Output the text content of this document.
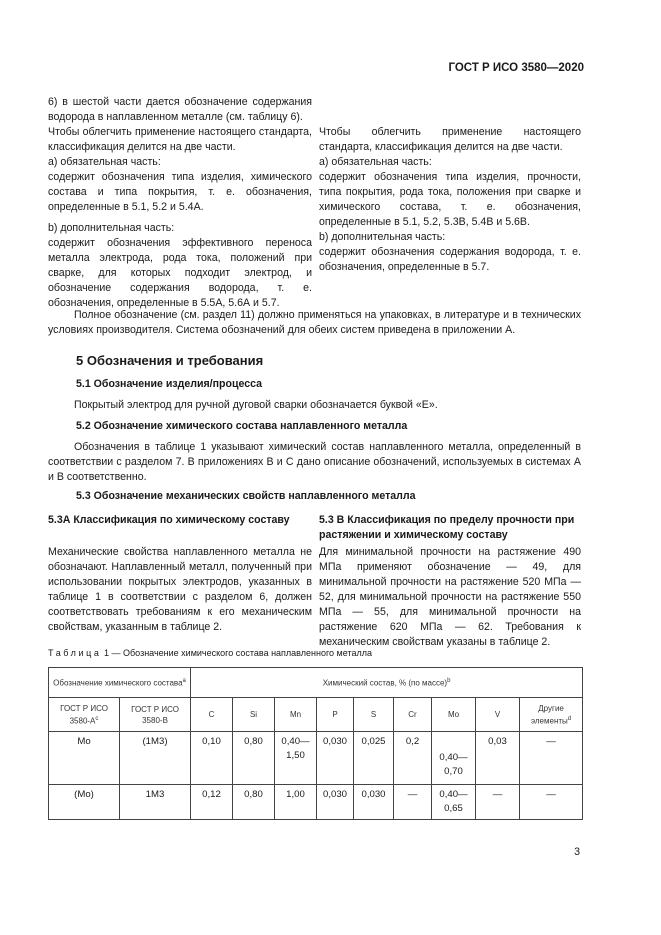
ГОСТ Р ИСО 3580—2020

6) в шестой части дается обозначение содержания водорода в наплавленном металле (см. таблицу 6).

Чтобы облегчить применение настоящего стандарта, классификация делится на две части.

а) обязательная часть:

содержит обозначения типа изделия, химического состава и типа покрытия, т. е. обозначения, определенные в 5.1, 5.2 и 5.4А.

b) дополнительная часть:

содержит обозначения эффективного переноса металла электрода, рода тока, положений при сварке, для которых подходит электрод, и обозначение содержания водорода, т. е. обозначения, определенные в 5.5А, 5.6А и 5.7.

Чтобы облегчить применение настоящего стандарта, классификация делится на две части.

а) обязательная часть:

содержит обозначения типа изделия, прочности, типа покрытия, рода тока, положения при сварке и химического состава, т. е. обозначения, определенные в 5.1, 5.2, 5.3В, 5.4В и 5.6В.

b) дополнительная часть:

содержит обозначения содержания водорода, т. е. обозначения, определенные в 5.7.

Полное обозначение (см. раздел 11) должно применяться на упаковках, в литературе и в технических условиях производителя. Система обозначений для обеих систем приведена в приложении А.

5 Обозначения и требования
5.1 Обозначение изделия/процесса

Покрытый электрод для ручной дуговой сварки обозначается буквой «Е».

5.2 Обозначение химического состава наплавленного металла

Обозначения в таблице 1 указывают химический состав наплавленного металла, определенный в соответствии с разделом 7. В приложениях В и С дано описание обозначений, используемых в системах А и В соответственно.

5.3 Обозначение механических свойств наплавленного металла
5.3А Классификация по химическому составу

Механические свойства наплавленного металла не обозначают. Наплавленный металл, полученный при использовании покрытых электродов, указанных в таблице 1 в соответствии с разделом 6, должен соответствовать требованиям к его механическим свойствам, указанным в таблице 2.

5.3 В Классификация по пределу прочности при растяжении и химическому составу

Для минимальной прочности на растяжение 490 МПа применяют обозначение — 49, для минимальной прочности на растяжение 520 МПа — 52, для минимальной прочности на растяжение 550 МПа — 55, для минимальной прочности на растяжение 620 МПа — 62. Требования к механическим свойствам указаны в таблице 2.

Таблица 1 — Обозначение химического состава наплавленного металла
Обозначение химического состава$^a$		Химический состав, % (по массе)$^b$
ГОСТ Р ИСО $3580-А^c$	ГОСТ Р ИСО 3580-В	C	Si	Mn	P	S	Cr	Mo	V	Другие элементы$^d$
Mo	(1M3)	0,10	0,80	0,40—1,50	0,030	0,025	0,2	0,40—0,70	0,03	—
(Mo)	1M3	0,12	0,80	1,00	0,030	0,030	—	0,40—0,65	—	—
3
